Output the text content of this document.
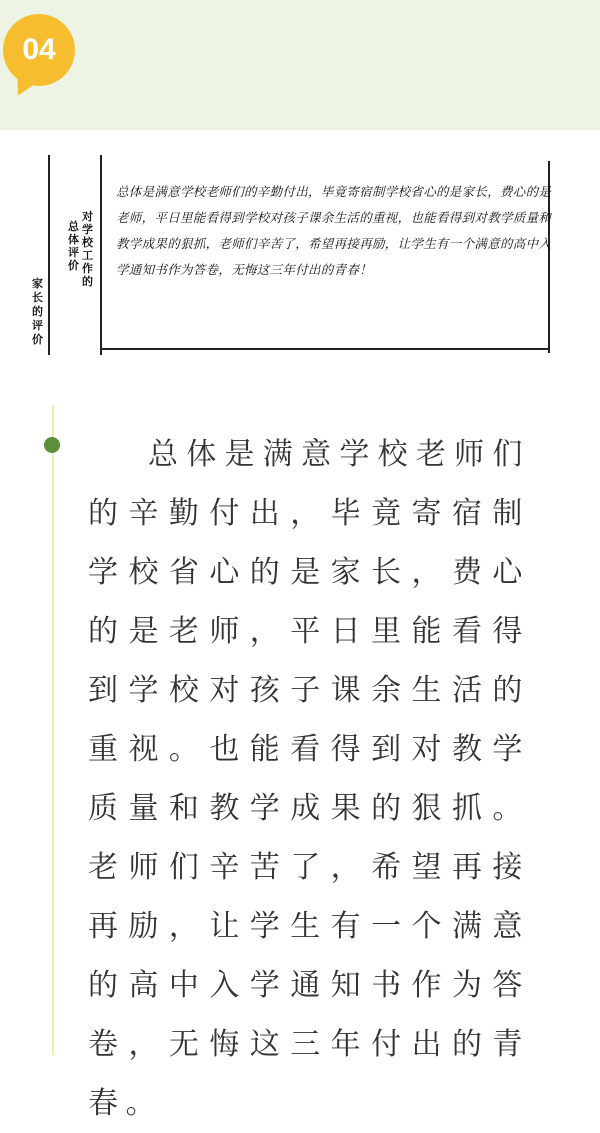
04
家长的评价
对学校工作的
总体评价
总体是满意学校老师们的辛勤付出，毕竟寄宿制学校省心的是家长，费心的是老师，平日里能看得到学校对孩子课余生活的重视，也能看得到对教学质量和教学成果的狠抓，老师们辛苦了，希望再接再励，让学生有一个满意的高中入学通知书作为答卷，无悔这三年付出的青春！
总体是满意学校老师们的辛勤付出，毕竟寄宿制学校省心的是家长，费心的是老师，平日里能看得到学校对孩子课余生活的重视。也能看得到对教学质量和教学成果的狠抓。老师们辛苦了，希望再接再励，让学生有一个满意的高中入学通知书作为答卷，无悔这三年付出的青春。
